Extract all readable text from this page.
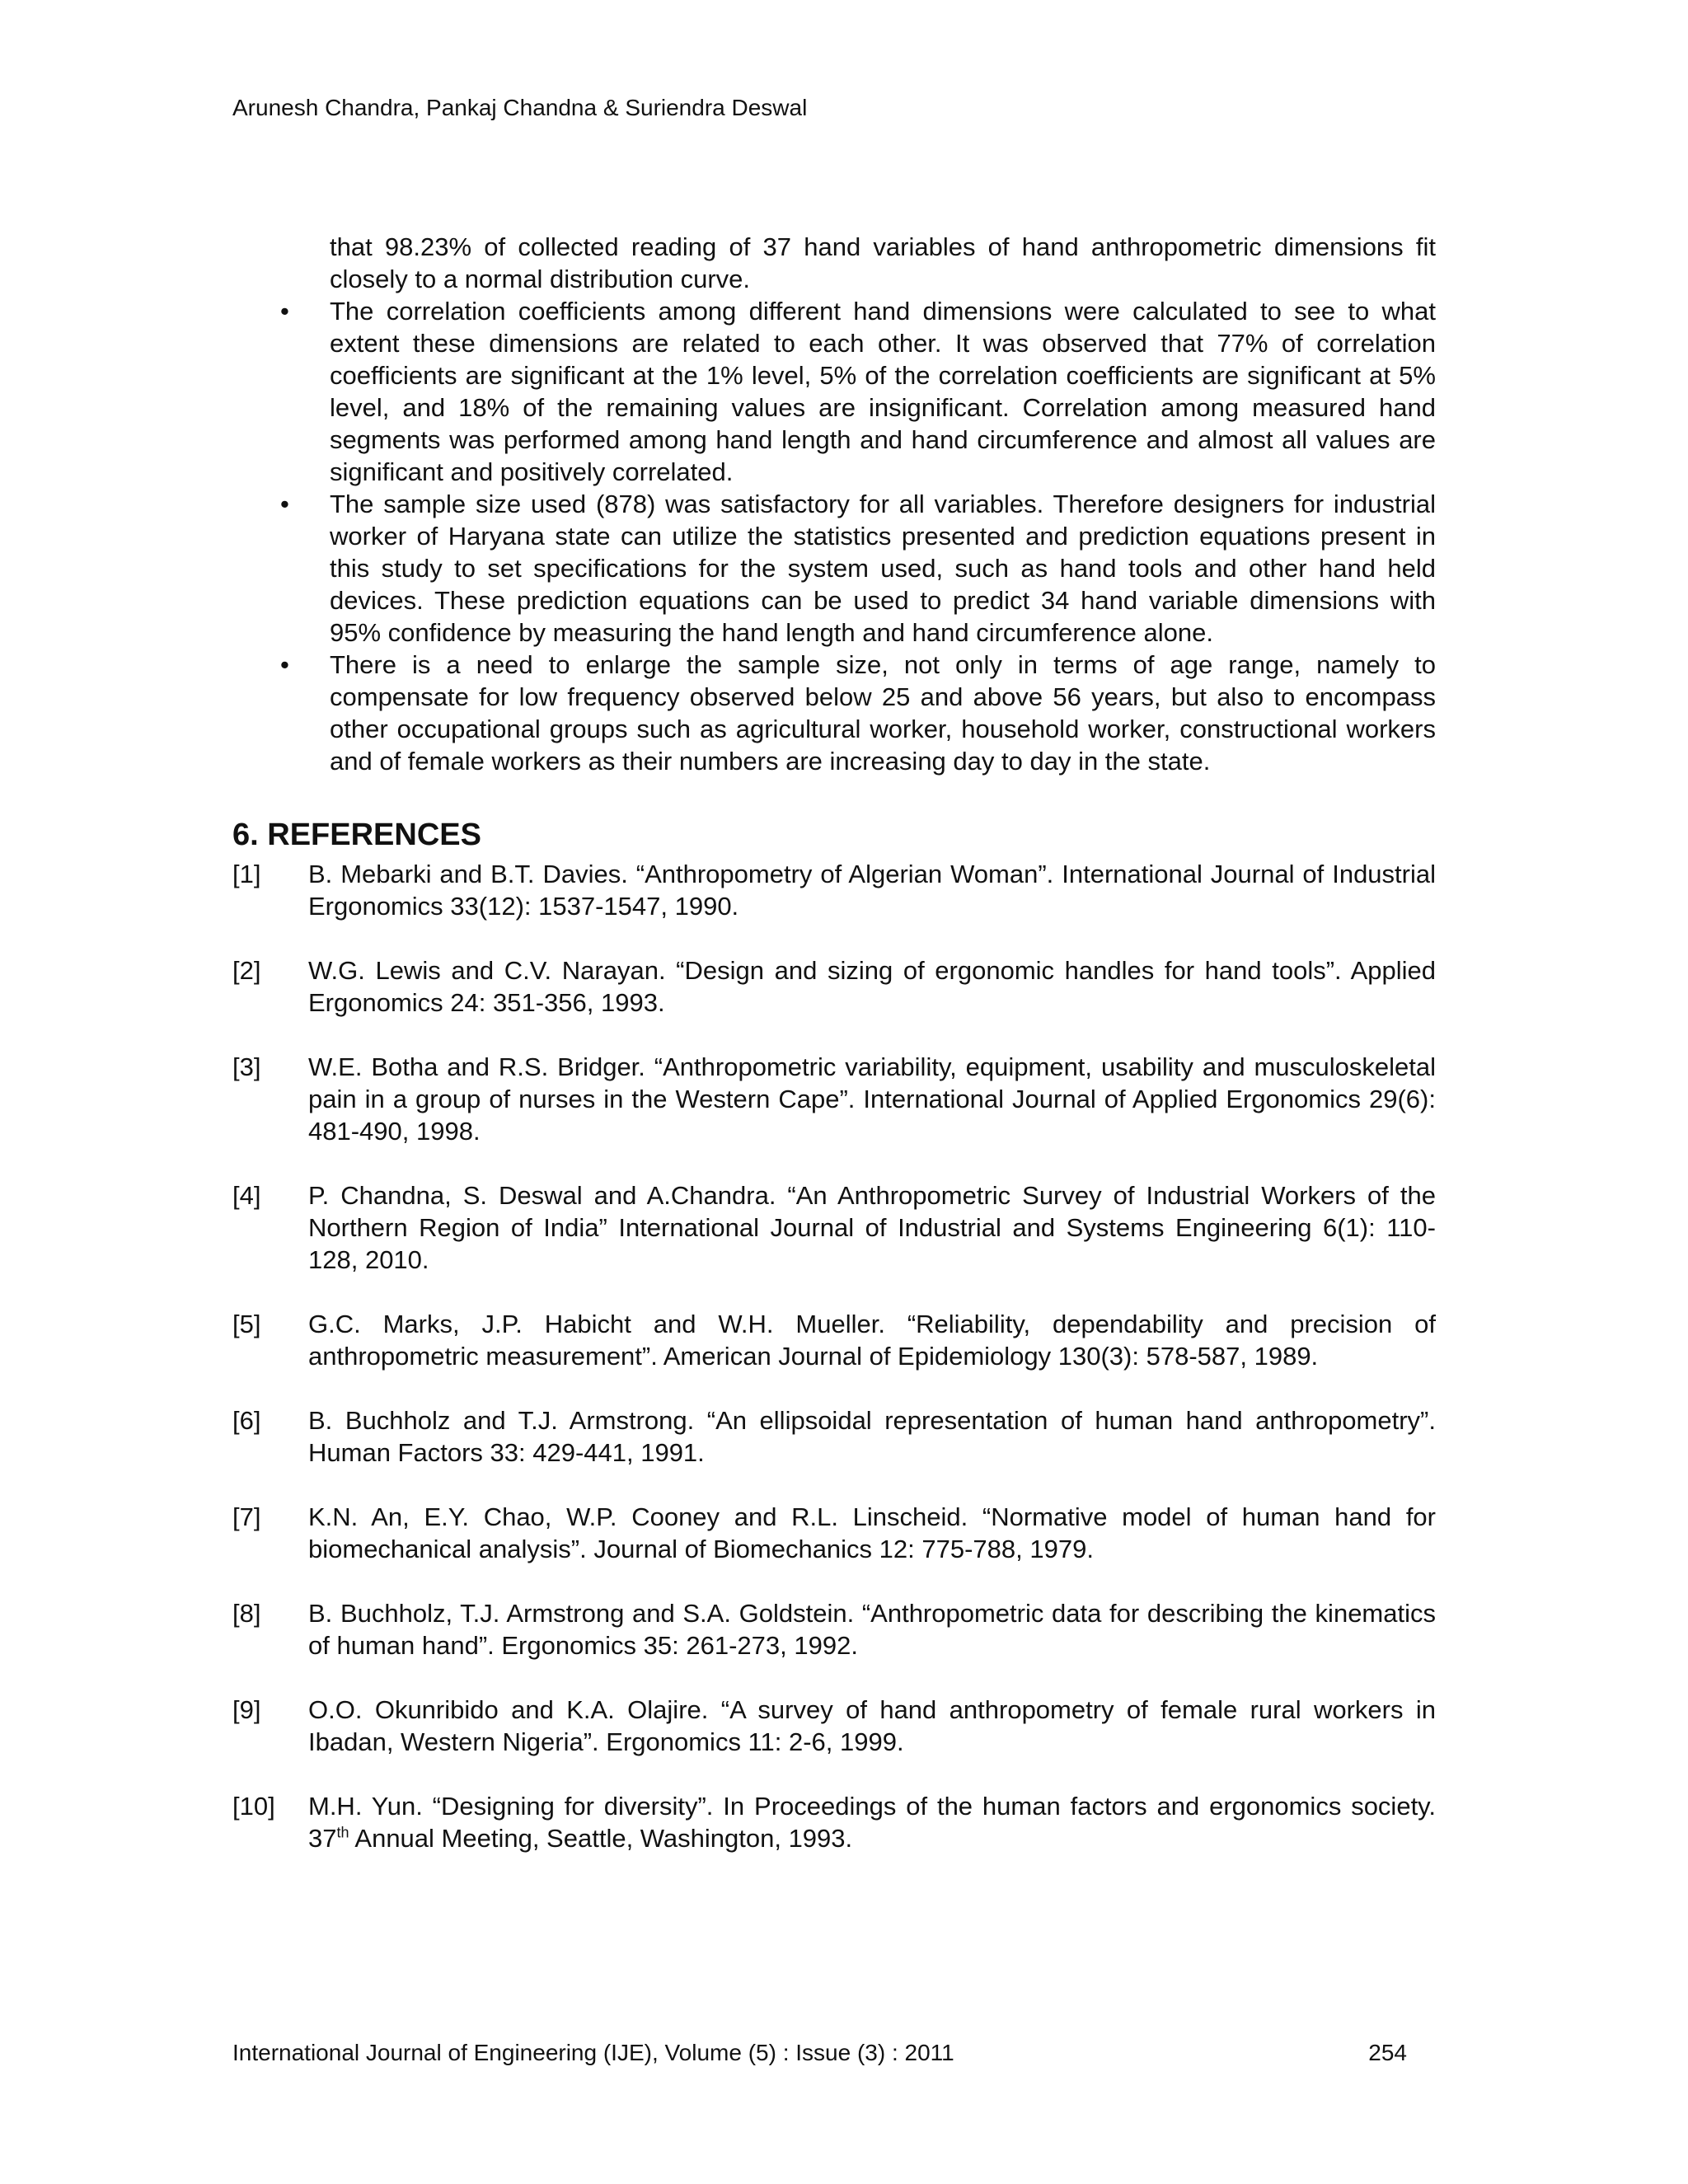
Arunesh Chandra, Pankaj Chandna & Suriendra Deswal
that 98.23% of collected reading of 37 hand variables of hand anthropometric dimensions fit closely to a normal distribution curve.
• The correlation coefficients among different hand dimensions were calculated to see to what extent these dimensions are related to each other. It was observed that 77% of correlation coefficients are significant at the 1% level, 5% of the correlation coefficients are significant at 5% level, and 18% of the remaining values are insignificant. Correlation among measured hand segments was performed among hand length and hand circumference and almost all values are significant and positively correlated.
• The sample size used (878) was satisfactory for all variables. Therefore designers for industrial worker of Haryana state can utilize the statistics presented and prediction equations present in this study to set specifications for the system used, such as hand tools and other hand held devices. These prediction equations can be used to predict 34 hand variable dimensions with 95% confidence by measuring the hand length and hand circumference alone.
• There is a need to enlarge the sample size, not only in terms of age range, namely to compensate for low frequency observed below 25 and above 56 years, but also to encompass other occupational groups such as agricultural worker, household worker, constructional workers and of female workers as their numbers are increasing day to day in the state.
6. REFERENCES
[1] B. Mebarki and B.T. Davies. “Anthropometry of Algerian Woman”. International Journal of Industrial Ergonomics 33(12): 1537-1547, 1990.
[2] W.G. Lewis and C.V. Narayan. “Design and sizing of ergonomic handles for hand tools”. Applied Ergonomics 24: 351-356, 1993.
[3] W.E. Botha and R.S. Bridger. “Anthropometric variability, equipment, usability and musculoskeletal pain in a group of nurses in the Western Cape”. International Journal of Applied Ergonomics 29(6): 481-490, 1998.
[4] P. Chandna, S. Deswal and A.Chandra. “An Anthropometric Survey of Industrial Workers of the Northern Region of India” International Journal of Industrial and Systems Engineering 6(1): 110-128, 2010.
[5] G.C. Marks, J.P. Habicht and W.H. Mueller. “Reliability, dependability and precision of anthropometric measurement”. American Journal of Epidemiology 130(3): 578-587, 1989.
[6] B. Buchholz and T.J. Armstrong. “An ellipsoidal representation of human hand anthropometry”. Human Factors 33: 429-441, 1991.
[7] K.N. An, E.Y. Chao, W.P. Cooney and R.L. Linscheid. “Normative model of human hand for biomechanical analysis”. Journal of Biomechanics 12: 775-788, 1979.
[8] B. Buchholz, T.J. Armstrong and S.A. Goldstein. “Anthropometric data for describing the kinematics of human hand”. Ergonomics 35: 261-273, 1992.
[9] O.O. Okunribido and K.A. Olajire. “A survey of hand anthropometry of female rural workers in Ibadan, Western Nigeria”. Ergonomics 11: 2-6, 1999.
[10] M.H. Yun. “Designing for diversity”. In Proceedings of the human factors and ergonomics society. 37th Annual Meeting, Seattle, Washington, 1993.
International Journal of Engineering (IJE), Volume (5) : Issue (3) : 2011	254
